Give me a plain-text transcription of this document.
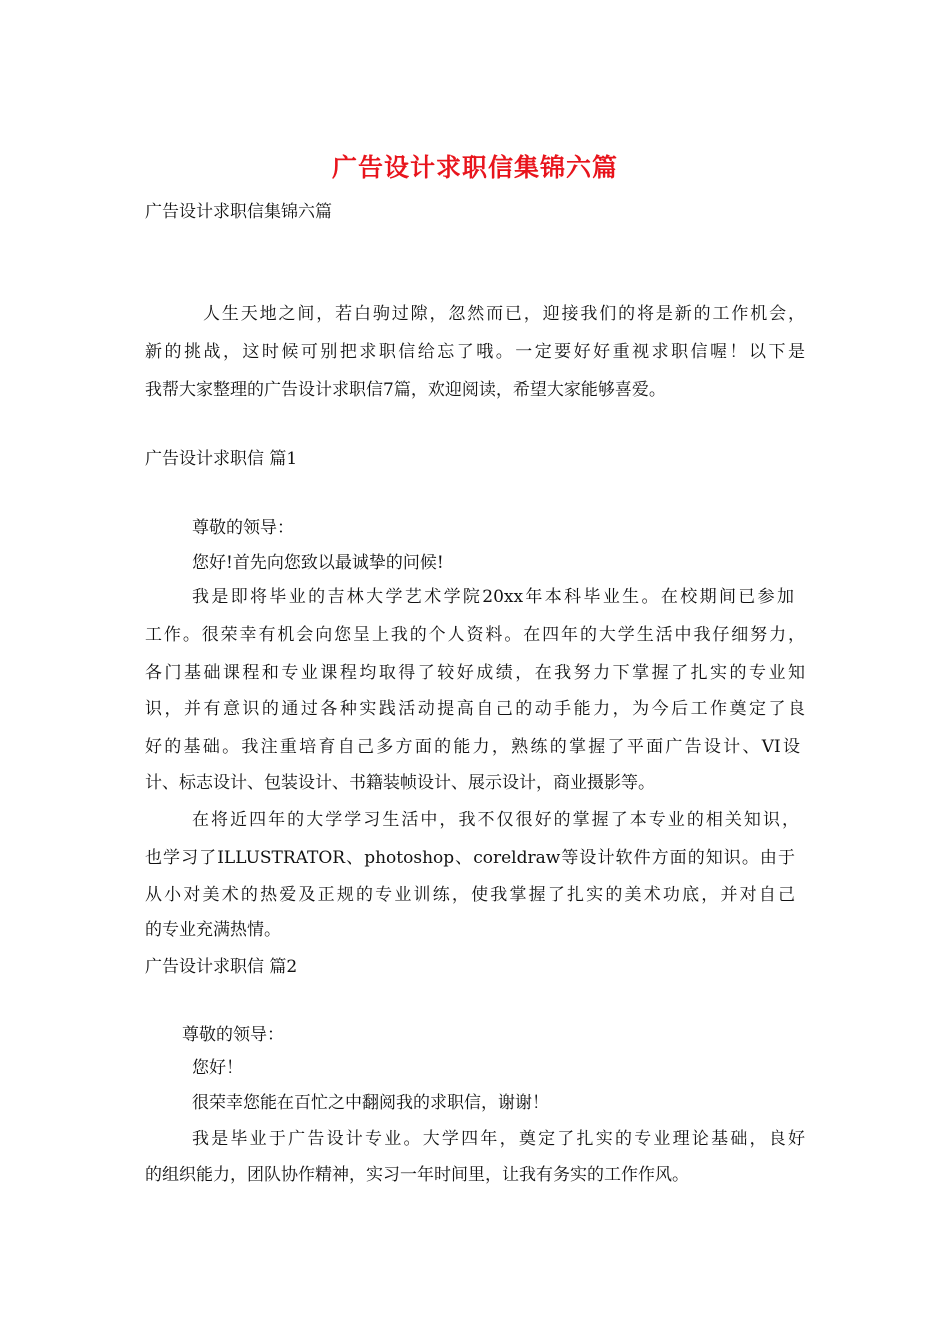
广告设计求职信集锦六篇
广告设计求职信集锦六篇
人生天地之间，若白驹过隙，忽然而已，迎接我们的将是新的工作机会，
新的挑战，这时候可别把求职信给忘了哦。一定要好好重视求职信喔！以下是
我帮大家整理的广告设计求职信7篇，欢迎阅读，希望大家能够喜爱。
广告设计求职信 篇1
尊敬的领导：
您好!首先向您致以最诚挚的问候!
我是即将毕业的吉林大学艺术学院20xx年本科毕业生。在校期间已参加
工作。很荣幸有机会向您呈上我的个人资料。在四年的大学生活中我仔细努力，
各门基础课程和专业课程均取得了较好成绩，在我努力下掌握了扎实的专业知
识，并有意识的通过各种实践活动提高自己的动手能力，为今后工作奠定了良
好的基础。我注重培育自己多方面的能力，熟练的掌握了平面广告设计、VI设
计、标志设计、包装设计、书籍装帧设计、展示设计，商业摄影等。
在将近四年的大学学习生活中，我不仅很好的掌握了本专业的相关知识，
也学习了ILLUSTRATOR、photoshop、coreldraw等设计软件方面的知识。由于
从小对美术的热爱及正规的专业训练，使我掌握了扎实的美术功底，并对自己
的专业充满热情。
广告设计求职信 篇2
尊敬的领导：
您好！
很荣幸您能在百忙之中翻阅我的求职信，谢谢！
我是毕业于广告设计专业。大学四年，奠定了扎实的专业理论基础，良好
的组织能力，团队协作精神，实习一年时间里，让我有务实的工作作风。
